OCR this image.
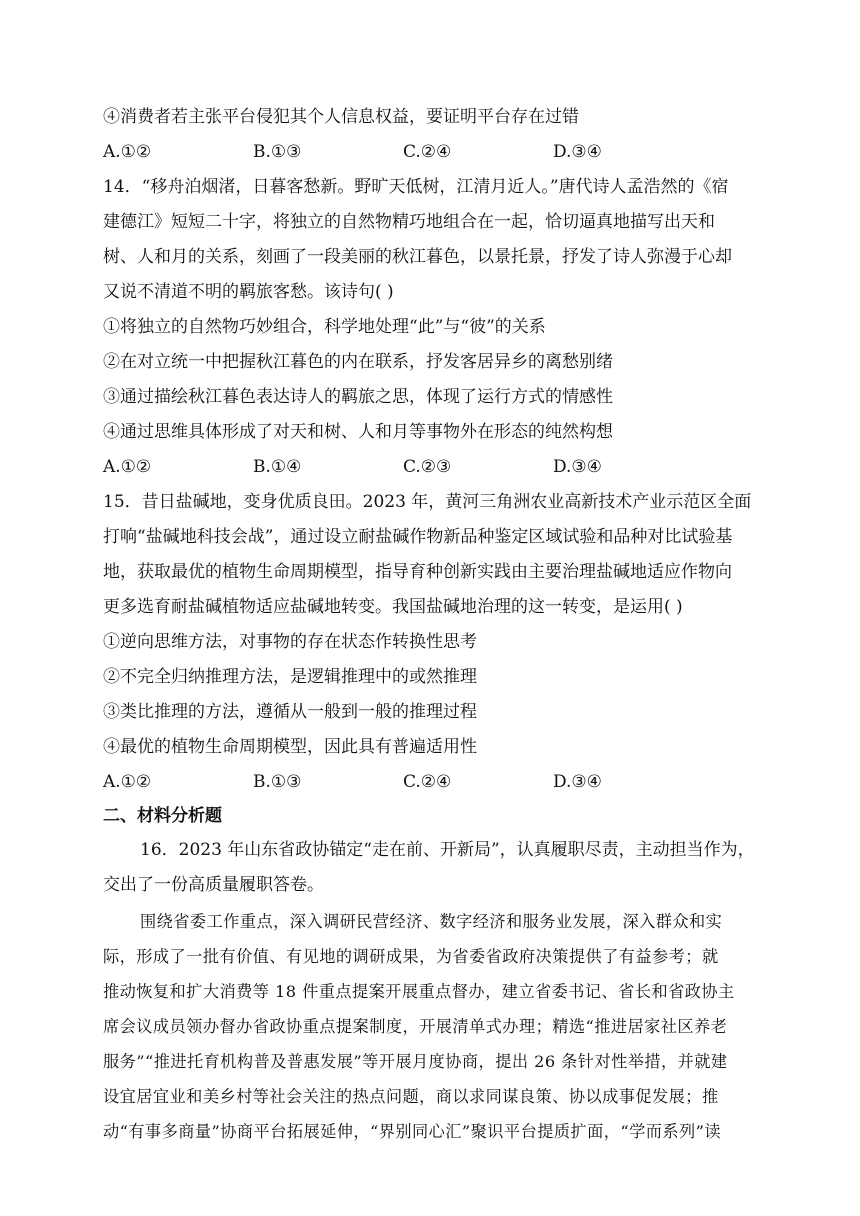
④消费者若主张平台侵犯其个人信息权益，要证明平台存在过错
A.①②	B.①③	C.②④	D.③④
14．“移舟泊烟渚，日暮客愁新。野旷天低树，江清月近人。”唐代诗人孟浩然的《宿
建德江》短短二十字，将独立的自然物精巧地组合在一起，恰切逼真地描写出天和
树、人和月的关系，刻画了一段美丽的秋江暮色，以景托景，抒发了诗人弥漫于心却
又说不清道不明的羁旅客愁。该诗句( )
①将独立的自然物巧妙组合，科学地处理“此”与“彼”的关系
②在对立统一中把握秋江暮色的内在联系，抒发客居异乡的离愁别绪
③通过描绘秋江暮色表达诗人的羁旅之思，体现了运行方式的情感性
④通过思维具体形成了对天和树、人和月等事物外在形态的纯然构想
A.①②	B.①④	C.②③	D.③④
15．昔日盐碱地，变身优质良田。2023 年，黄河三角洲农业高新技术产业示范区全面
打响“盐碱地科技会战”，通过设立耐盐碱作物新品种鉴定区域试验和品种对比试验基
地，获取最优的植物生命周期模型，指导育种创新实践由主要治理盐碱地适应作物向
更多选育耐盐碱植物适应盐碱地转变。我国盐碱地治理的这一转变，是运用( )
①逆向思维方法，对事物的存在状态作转换性思考
②不完全归纳推理方法，是逻辑推理中的或然推理
③类比推理的方法，遵循从一般到一般的推理过程
④最优的植物生命周期模型，因此具有普遍适用性
A.①②	B.①③	C.②④	D.③④
二、材料分析题
16．2023 年山东省政协锚定“走在前、开新局”，认真履职尽责，主动担当作为，
交出了一份高质量履职答卷。
围绕省委工作重点，深入调研民营经济、数字经济和服务业发展，深入群众和实
际，形成了一批有价值、有见地的调研成果，为省委省政府决策提供了有益参考；就
推动恢复和扩大消费等 18 件重点提案开展重点督办，建立省委书记、省长和省政协主
席会议成员领办督办省政协重点提案制度，开展清单式办理；精选“推进居家社区养老
服务”“推进托育机构普及普惠发展”等开展月度协商，提出 26 条针对性举措，并就建
设宜居宜业和美乡村等社会关注的热点问题，商以求同谋良策、协以成事促发展；推
动“有事多商量”协商平台拓展延伸，“界别同心汇”聚识平台提质扩面，“学而系列”读
